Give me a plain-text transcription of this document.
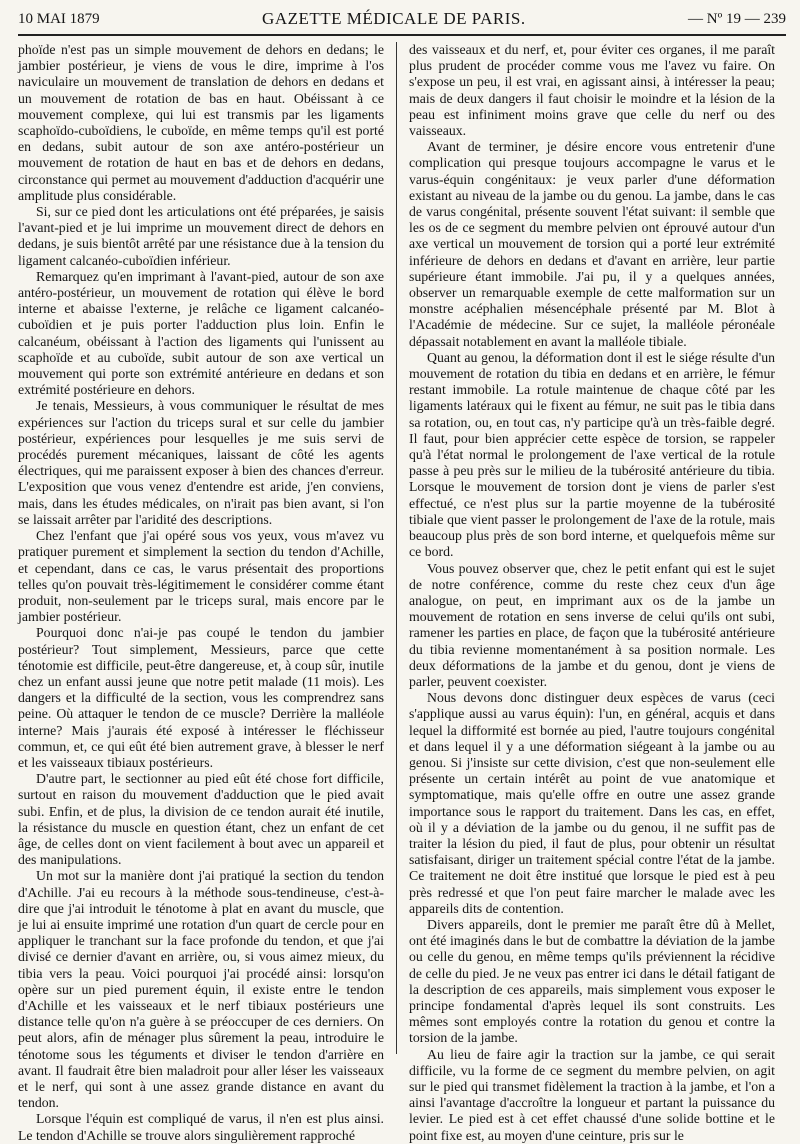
10 MAI 1879	GAZETTE MÉDICALE DE PARIS.	— Nº 19 — 239

phoïde n'est pas un simple mouvement de dehors en dedans; le jambier postérieur, je viens de vous le dire, imprime à l'os naviculaire un mouvement de translation de dehors en dedans et un mouvement de rotation de bas en haut. Obéissant à ce mouvement complexe, qui lui est transmis par les ligaments scaphoïdo-cuboïdiens, le cuboïde, en même temps qu'il est porté en dedans, subit autour de son axe antéro-postérieur un mouvement de rotation de haut en bas et de dehors en dedans, circonstance qui permet au mouvement d'adduction d'acquérir une amplitude plus considérable.

Si, sur ce pied dont les articulations ont été préparées, je saisis l'avant-pied et je lui imprime un mouvement direct de dehors en dedans, je suis bientôt arrêté par une résistance due à la tension du ligament calcanéo-cuboïdien inférieur.

Remarquez qu'en imprimant à l'avant-pied, autour de son axe antéro-postérieur, un mouvement de rotation qui élève le bord interne et abaisse l'externe, je relâche ce ligament calcanéo-cuboïdien et je puis porter l'adduction plus loin. Enfin le calcanéum, obéissant à l'action des ligaments qui l'unissent au scaphoïde et au cuboïde, subit autour de son axe vertical un mouvement qui porte son extrémité antérieure en dedans et son extrémité postérieure en dehors.

Je tenais, Messieurs, à vous communiquer le résultat de mes expériences sur l'action du triceps sural et sur celle du jambier postérieur, expériences pour lesquelles je me suis servi de procédés purement mécaniques, laissant de côté les agents électriques, qui me paraissent exposer à bien des chances d'erreur. L'exposition que vous venez d'entendre est aride, j'en conviens, mais, dans les études médicales, on n'irait pas bien avant, si l'on se laissait arrêter par l'aridité des descriptions.

Chez l'enfant que j'ai opéré sous vos yeux, vous m'avez vu pratiquer purement et simplement la section du tendon d'Achille, et cependant, dans ce cas, le varus présentait des proportions telles qu'on pouvait très-légitimement le considérer comme étant produit, non-seulement par le triceps sural, mais encore par le jambier postérieur.

Pourquoi donc n'ai-je pas coupé le tendon du jambier postérieur? Tout simplement, Messieurs, parce que cette ténotomie est difficile, peut-être dangereuse, et, à coup sûr, inutile chez un enfant aussi jeune que notre petit malade (11 mois). Les dangers et la difficulté de la section, vous les comprendrez sans peine. Où attaquer le tendon de ce muscle? Derrière la malléole interne? Mais j'aurais été exposé à intéresser le fléchisseur commun, et, ce qui eût été bien autrement grave, à blesser le nerf et les vaisseaux tibiaux postérieurs.

D'autre part, le sectionner au pied eût été chose fort difficile, surtout en raison du mouvement d'adduction que le pied avait subi. Enfin, et de plus, la division de ce tendon aurait été inutile, la résistance du muscle en question étant, chez un enfant de cet âge, de celles dont on vient facilement à bout avec un appareil et des manipulations.

Un mot sur la manière dont j'ai pratiqué la section du tendon d'Achille. J'ai eu recours à la méthode sous-tendineuse, c'est-à-dire que j'ai introduit le ténotome à plat en avant du muscle, que je lui ai ensuite imprimé une rotation d'un quart de cercle pour en appliquer le tranchant sur la face profonde du tendon, et que j'ai divisé ce dernier d'avant en arrière, ou, si vous aimez mieux, du tibia vers la peau. Voici pourquoi j'ai procédé ainsi: lorsqu'on opère sur un pied purement équin, il existe entre le tendon d'Achille et les vaisseaux et le nerf tibiaux postérieurs une distance telle qu'on n'a guère à se préoccuper de ces derniers. On peut alors, afin de ménager plus sûrement la peau, introduire le ténotome sous les téguments et diviser le tendon d'arrière en avant. Il faudrait être bien maladroit pour aller léser les vaisseaux et le nerf, qui sont à une assez grande distance en avant du tendon.

Lorsque l'équin est compliqué de varus, il n'en est plus ainsi. Le tendon d'Achille se trouve alors singulièrement rapproché

des vaisseaux et du nerf, et, pour éviter ces organes, il me paraît plus prudent de procéder comme vous me l'avez vu faire. On s'expose un peu, il est vrai, en agissant ainsi, à intéresser la peau; mais de deux dangers il faut choisir le moindre et la lésion de la peau est infiniment moins grave que celle du nerf ou des vaisseaux.

Avant de terminer, je désire encore vous entretenir d'une complication qui presque toujours accompagne le varus et le varus-équin congénitaux: je veux parler d'une déformation existant au niveau de la jambe ou du genou. La jambe, dans le cas de varus congénital, présente souvent l'état suivant: il semble que les os de ce segment du membre pelvien ont éprouvé autour d'un axe vertical un mouvement de torsion qui a porté leur extrémité inférieure de dehors en dedans et d'avant en arrière, leur partie supérieure étant immobile. J'ai pu, il y a quelques années, observer un remarquable exemple de cette malformation sur un monstre acéphalien mésencéphale présenté par M. Blot à l'Académie de médecine. Sur ce sujet, la malléole péronéale dépassait notablement en avant la malléole tibiale.

Quant au genou, la déformation dont il est le siége résulte d'un mouvement de rotation du tibia en dedans et en arrière, le fémur restant immobile. La rotule maintenue de chaque côté par les ligaments latéraux qui le fixent au fémur, ne suit pas le tibia dans sa rotation, ou, en tout cas, n'y participe qu'à un très-faible degré. Il faut, pour bien apprécier cette espèce de torsion, se rappeler qu'à l'état normal le prolongement de l'axe vertical de la rotule passe à peu près sur le milieu de la tubérosité antérieure du tibia. Lorsque le mouvement de torsion dont je viens de parler s'est effectué, ce n'est plus sur la partie moyenne de la tubérosité tibiale que vient passer le prolongement de l'axe de la rotule, mais beaucoup plus près de son bord interne, et quelquefois même sur ce bord.

Vous pouvez observer que, chez le petit enfant qui est le sujet de notre conférence, comme du reste chez ceux d'un âge analogue, on peut, en imprimant aux os de la jambe un mouvement de rotation en sens inverse de celui qu'ils ont subi, ramener les parties en place, de façon que la tubérosité antérieure du tibia revienne momentanément à sa position normale. Les deux déformations de la jambe et du genou, dont je viens de parler, peuvent coexister.

Nous devons donc distinguer deux espèces de varus (ceci s'applique aussi au varus équin): l'un, en général, acquis et dans lequel la difformité est bornée au pied, l'autre toujours congénital et dans lequel il y a une déformation siégeant à la jambe ou au genou. Si j'insiste sur cette division, c'est que non-seulement elle présente un certain intérêt au point de vue anatomique et symptomatique, mais qu'elle offre en outre une assez grande importance sous le rapport du traitement. Dans les cas, en effet, où il y a déviation de la jambe ou du genou, il ne suffit pas de traiter la lésion du pied, il faut de plus, pour obtenir un résultat satisfaisant, diriger un traitement spécial contre l'état de la jambe. Ce traitement ne doit être institué que lorsque le pied est à peu près redressé et que l'on peut faire marcher le malade avec les appareils dits de contention.

Divers appareils, dont le premier me paraît être dû à Mellet, ont été imaginés dans le but de combattre la déviation de la jambe ou celle du genou, en même temps qu'ils préviennent la récidive de celle du pied. Je ne veux pas entrer ici dans le détail fatigant de la description de ces appareils, mais simplement vous exposer le principe fondamental d'après lequel ils sont construits. Les mêmes sont employés contre la rotation du genou et contre la torsion de la jambe.

Au lieu de faire agir la traction sur la jambe, ce qui serait difficile, vu la forme de ce segment du membre pelvien, on agit sur le pied qui transmet fidèlement la traction à la jambe, et l'on a ainsi l'avantage d'accroître la longueur et partant la puissance du levier. Le pied est à cet effet chaussé d'une solide bottine et le point fixe est, au moyen d'une ceinture, pris sur le
